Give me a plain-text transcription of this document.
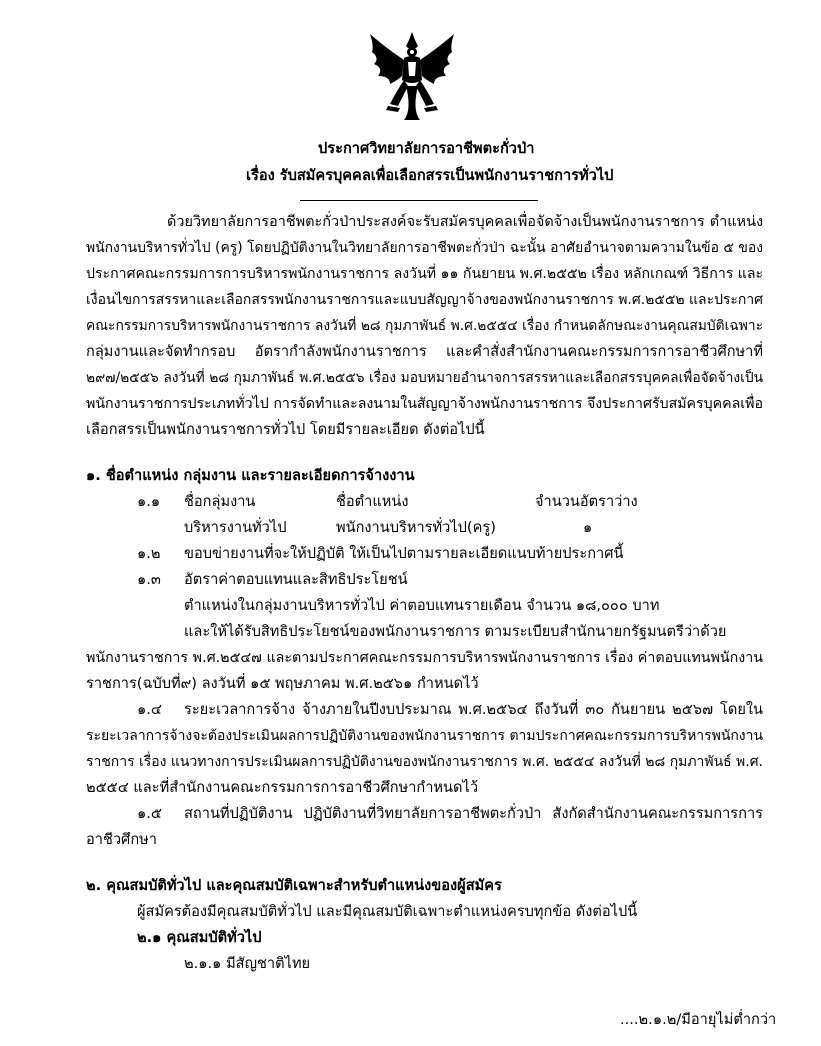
ประกาศวิทยาลัยการอาชีพตะกั่วป่า
เรื่อง รับสมัครบุคคลเพื่อเลือกสรรเป็นพนักงานราชการทั่วไป
ด้วยวิทยาลัยการอาชีพตะกั่วป่าประสงค์จะรับสมัครบุคคลเพื่อจัดจ้างเป็นพนักงานราชการ ตำแหน่ง
พนักงานบริหารทั่วไป (ครู) โดยปฏิบัติงานในวิทยาลัยการอาชีพตะกั่วป่า ฉะนั้น อาศัยอำนาจตามความในข้อ ๕ ของ
ประกาศคณะกรรมการการบริหารพนักงานราชการ ลงวันที่ ๑๑ กันยายน พ.ศ.๒๕๕๒ เรื่อง หลักเกณฑ์ วิธีการ และ
เงื่อนไขการสรรหาและเลือกสรรพนักงานราชการและแบบสัญญาจ้างของพนักงานราชการ พ.ศ.๒๕๕๒ และประกาศ
คณะกรรมการบริหารพนักงานราชการ ลงวันที่ ๒๘ กุมภาพันธ์ พ.ศ.๒๕๕๔ เรื่อง กำหนดลักษณะงานคุณสมบัติเฉพาะ
กลุ่มงานและจัดทำกรอบ อัตรากำลังพนักงานราชการ และคำสั่งสำนักงานคณะกรรมการการอาชีวศึกษาที่
๒๙๗/๒๕๕๖ ลงวันที่ ๒๘ กุมภาพันธ์ พ.ศ.๒๕๕๖ เรื่อง มอบหมายอำนาจการสรรหาและเลือกสรรบุคคลเพื่อจัดจ้างเป็น
พนักงานราชการประเภททั่วไป การจัดทำและลงนามในสัญญาจ้างพนักงานราชการ จึงประกาศรับสมัครบุคคลเพื่อ
เลือกสรรเป็นพนักงานราชการทั่วไป โดยมีรายละเอียด ดังต่อไปนี้
๑. ชื่อตำแหน่ง กลุ่มงาน และรายละเอียดการจ้างงาน
๑.๑ ชื่อกลุ่มงาน	ชื่อตำแหน่ง	จำนวนอัตราว่าง
บริหารงานทั่วไป	พนักงานบริหารทั่วไป(ครู)	๑
๑.๒ ขอบข่ายงานที่จะให้ปฏิบัติ ให้เป็นไปตามรายละเอียดแนบท้ายประกาศนี้
๑.๓ อัตราค่าตอบแทนและสิทธิประโยชน์
ตำแหน่งในกลุ่มงานบริหารทั่วไป ค่าตอบแทนรายเดือน จำนวน ๑๘,๐๐๐ บาท
และให้ได้รับสิทธิประโยชน์ของพนักงานราชการ ตามระเบียบสำนักนายกรัฐมนตรีว่าด้วย
พนักงานราชการ พ.ศ.๒๕๔๗ และตามประกาศคณะกรรมการบริหารพนักงานราชการ เรื่อง ค่าตอบแทนพนักงาน
ราชการ(ฉบับที่๙) ลงวันที่ ๑๕ พฤษภาคม พ.ศ.๒๕๖๑ กำหนดไว้
๑.๔ ระยะเวลาการจ้าง จ้างภายในปีงบประมาณ พ.ศ.๒๕๖๔ ถึงวันที่ ๓๐ กันยายน ๒๕๖๗ โดยใน
ระยะเวลาการจ้างจะต้องประเมินผลการปฏิบัติงานของพนักงานราชการ ตามประกาศคณะกรรมการบริหารพนักงาน
ราชการ เรื่อง แนวทางการประเมินผลการปฏิบัติงานของพนักงานราชการ พ.ศ. ๒๕๕๔ ลงวันที่ ๒๘ กุมภาพันธ์ พ.ศ.
๒๕๕๔ และที่สำนักงานคณะกรรมการการอาชีวศึกษากำหนดไว้
๑.๕ สถานที่ปฏิบัติงาน ปฏิบัติงานที่วิทยาลัยการอาชีพตะกั่วป่า สังกัดสำนักงานคณะกรรมการการ
อาชีวศึกษา
๒. คุณสมบัติทั่วไป และคุณสมบัติเฉพาะสำหรับตำแหน่งของผู้สมัคร
ผู้สมัครต้องมีคุณสมบัติทั่วไป และมีคุณสมบัติเฉพาะตำแหน่งครบทุกข้อ ดังต่อไปนี้
๒.๑ คุณสมบัติทั่วไป
๒.๑.๑ มีสัญชาติไทย
....๒.๑.๒/มีอายุไม่ต่ำกว่า
